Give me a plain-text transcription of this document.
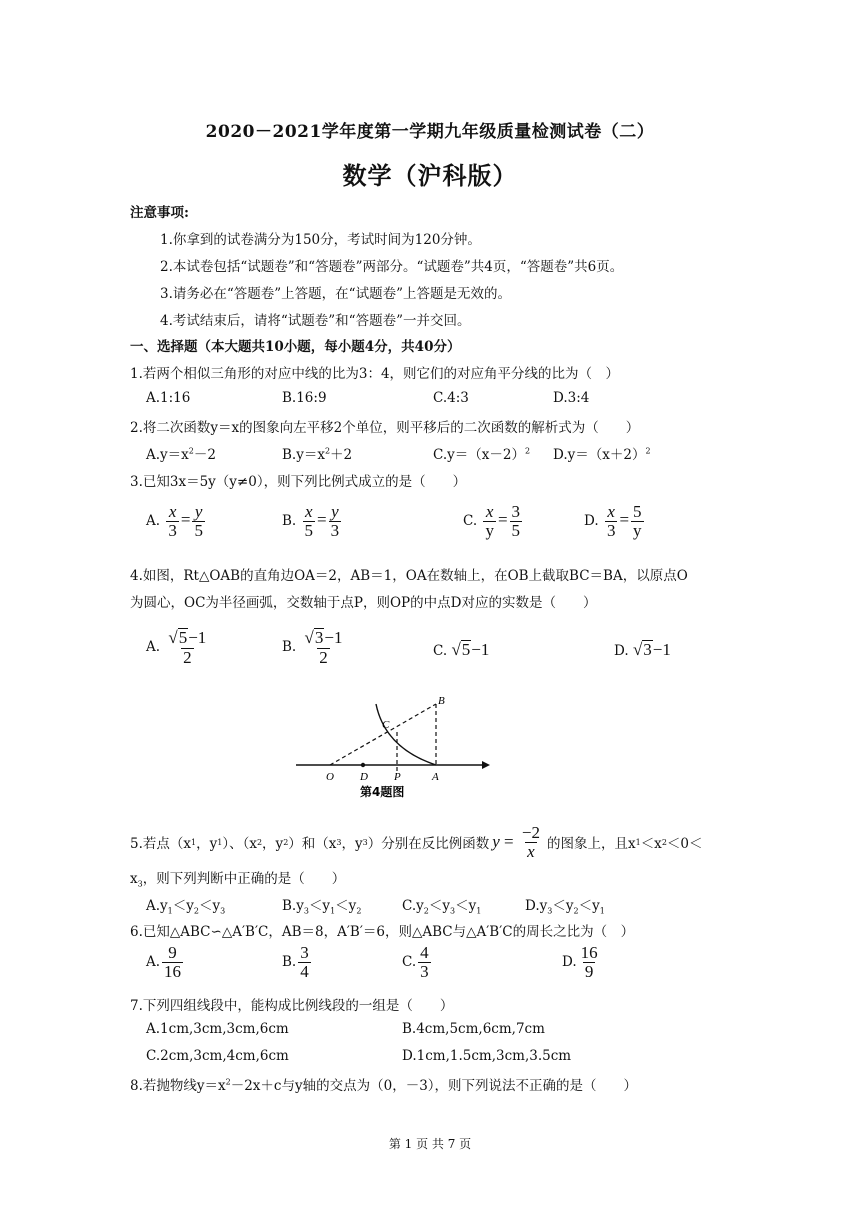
2020－2021学年度第一学期九年级质量检测试卷（二）
数学（沪科版）
注意事项:
1.你拿到的试卷满分为150分，考试时间为120分钟。
2.本试卷包括“试题卷”和“答题卷”两部分。“试题卷”共4页，“答题卷”共6页。
3.请务必在“答题卷”上答题，在“试题卷”上答题是无效的。
4.考试结束后，请将“试题卷”和“答题卷”一并交回。
一、选择题（本大题共10小题，每小题4分，共40分）
1.若两个相似三角形的对应中线的比为3：4，则它们的对应角平分线的比为（　）
A.1:16	B.16:9	C.4:3	D.3:4
2.将二次函数y＝x的图象向左平移2个单位，则平移后的二次函数的解析式为（　　）
$A.y=x^2-2$	$B.y=x^2+2$	$C.y=(x-2)^2$ $D.y=(x+2)^2$
3.已知3x＝5y（y≠0），则下列比例式成立的是（　　）
A. $\frac{x}{3} = \frac{y}{5}$	B. $\frac{x}{5} = \frac{y}{3}$	C. $\frac{x}{y} = \frac{3}{5}$	D. $\frac{x}{3} = \frac{5}{y}$
4.如图，Rt△OAB的直角边OA＝2，AB＝1，OA在数轴上，在OB上截取BC＝BA，以原点O
为圆心，OC为半径画弧，交数轴于点P，则OP的中点D对应的实数是（　　）
A. $\frac{√5-1}{2}$	B. $\frac{√3-1}{2}$	C. √ 5 −1	D. √ 3 −1
O D P	A
B
C
第4题图
5.若点（x 1 ，y 1 ）、（x 2 ，y 2 ）和（x 3 ，y 3 ）分别在反比例函数 y
=
$\frac{-2}{x}$ 的图象上，且x 1 ＜x 2 ＜0＜
$x_3$，则下列判断中正确的是（　　）
$A.y_1<y_2<y_3$	$B.y_3<y_1<y_2$	$C.y_2<y_3<y_1$	$D.y_3<y_2<y_1$
6.已知△ABC∽△A′B′C，AB＝8，A′B′＝6，则△ABC与△A′B′C的周长之比为（　）
A. $\frac{9}{16}$	B. $\frac{3}{4}$	C. $\frac{4}{3}$	D. $\frac{16}{9}$
7.下列四组线段中，能构成比例线段的一组是（　　）
A.1cm,3cm,3cm,6cm	B.4cm,5cm,6cm,7cm
C.2cm,3cm,4cm,6cm	D.1cm,1.5cm,3cm,3.5cm
8.若抛物线$y=x^2-2x+c$与y轴的交点为（0，－3），则下列说法不正确的是（　　）
第 1 页 共 7 页
